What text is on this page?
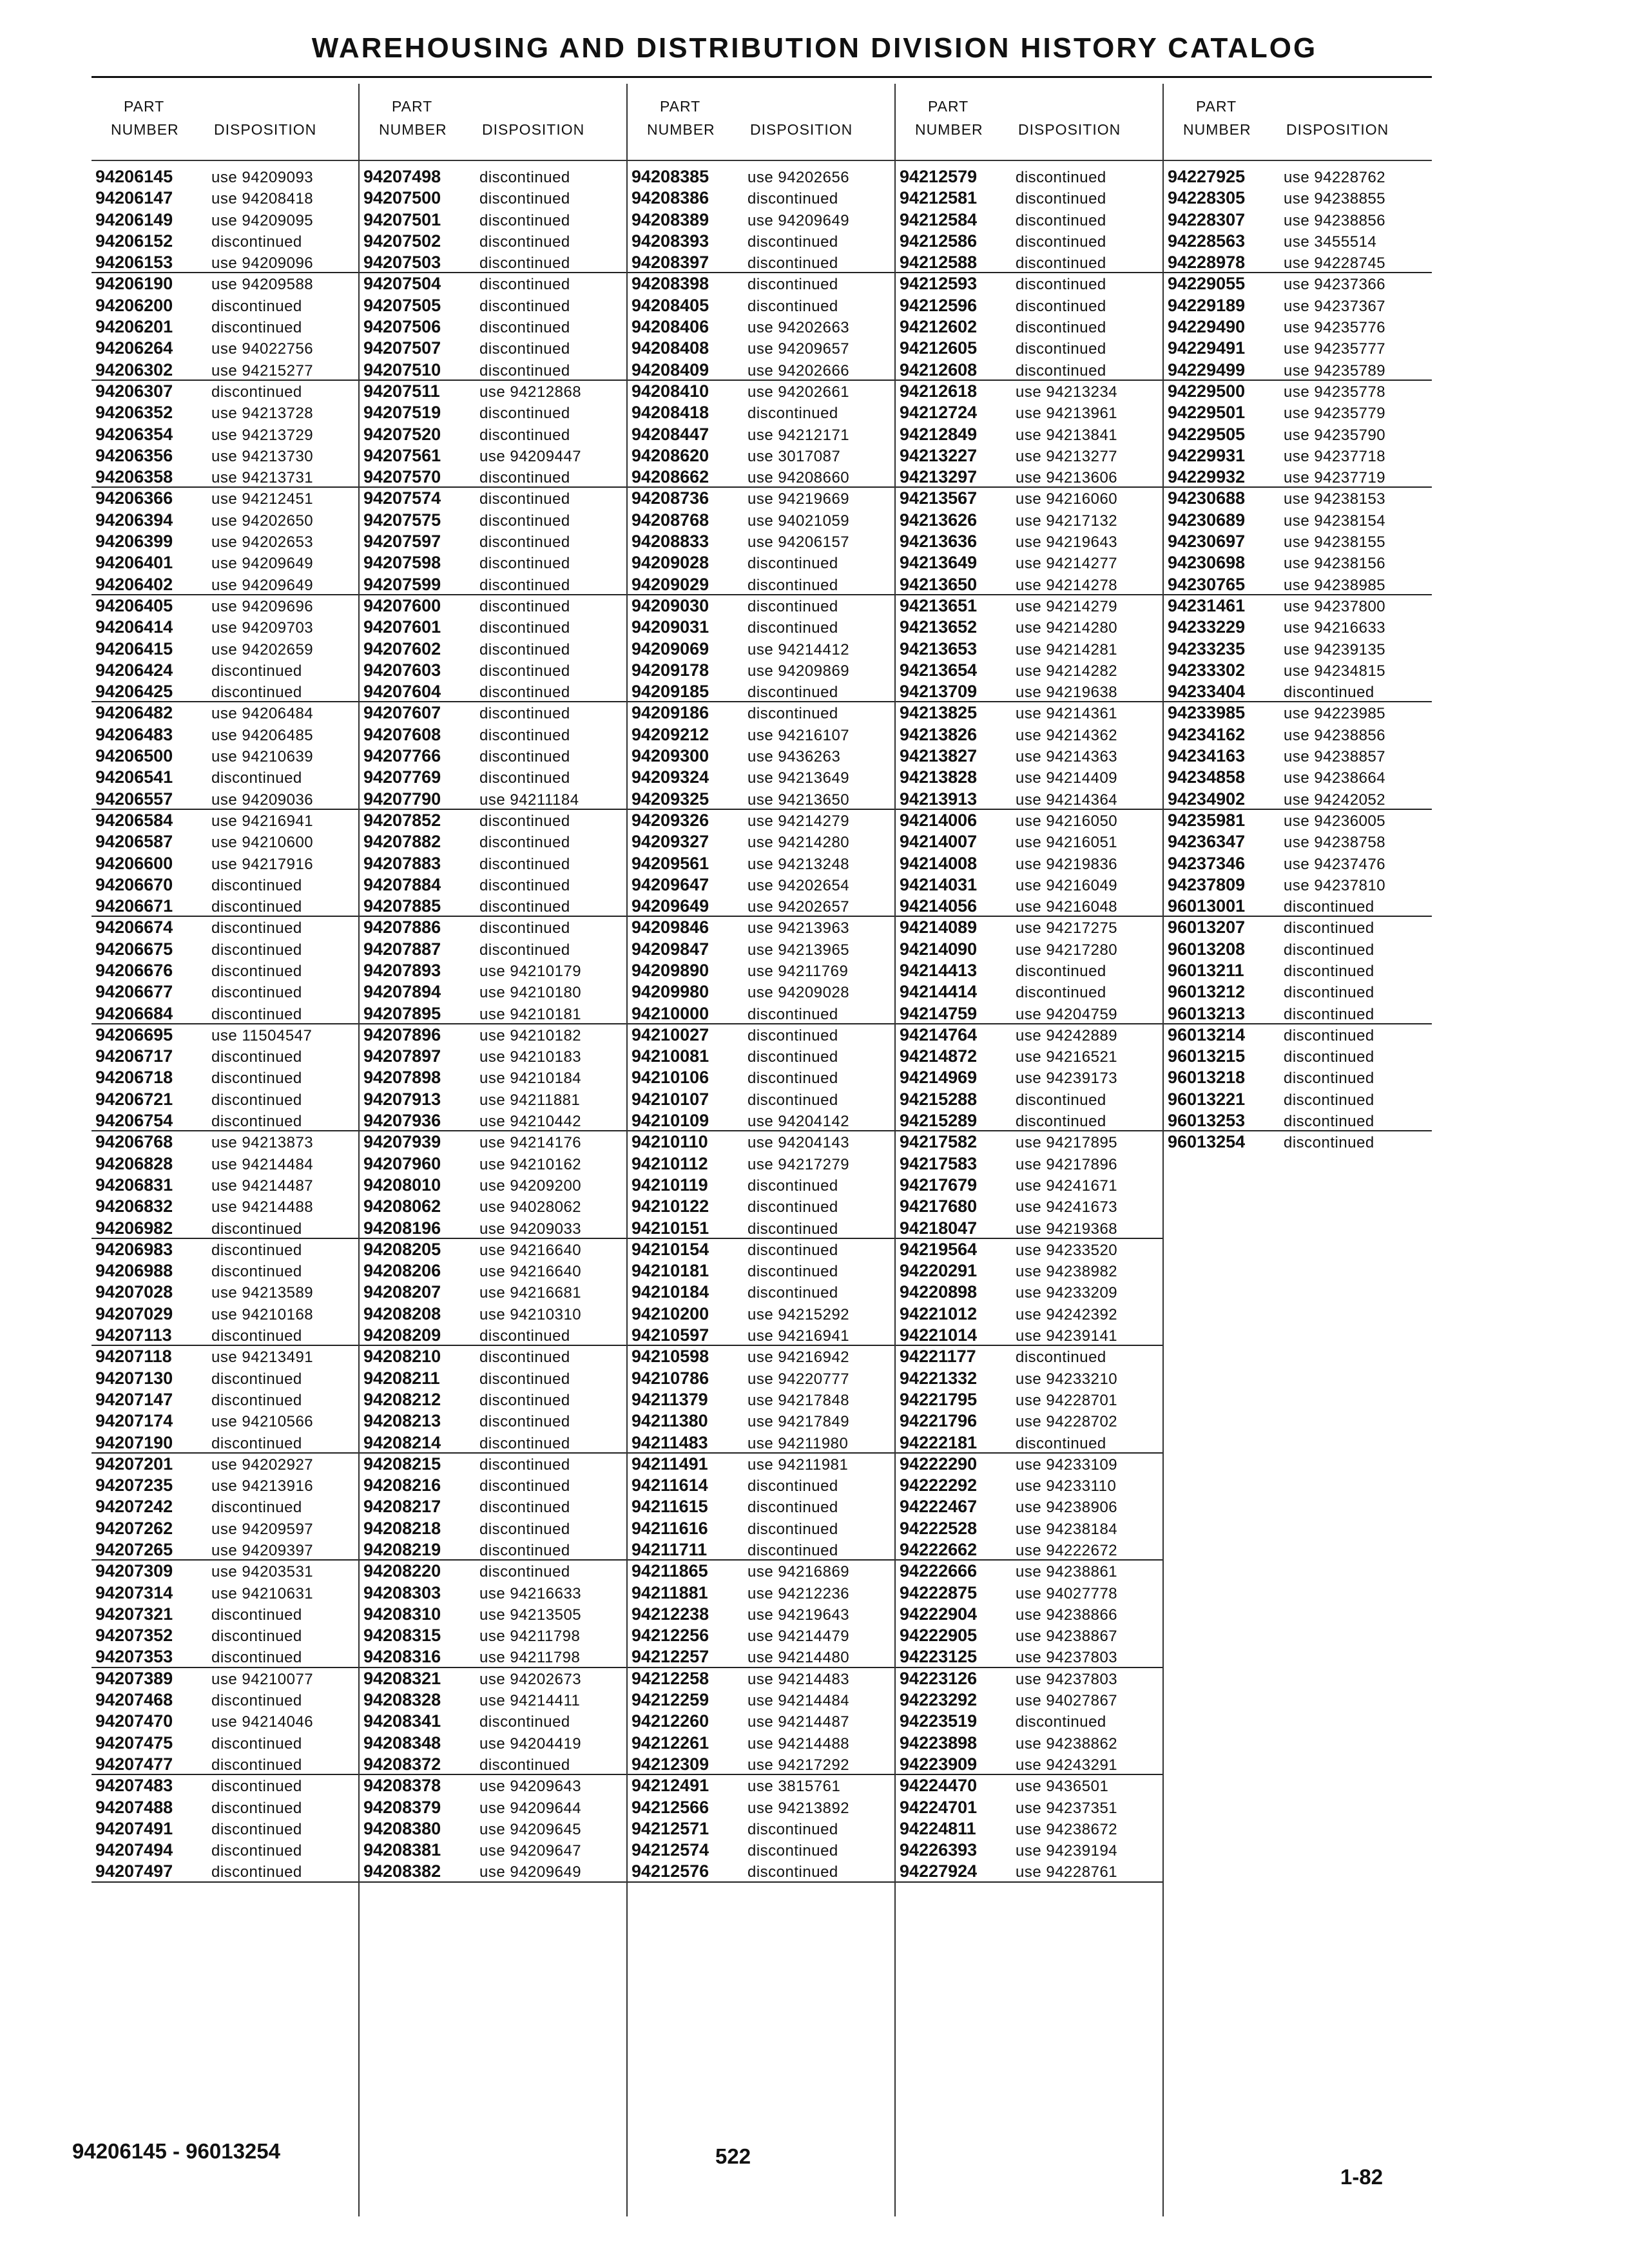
WAREHOUSING AND DISTRIBUTION DIVISION HISTORY CATALOG
PART
NUMBER DISPOSITION
94206145 use 94209093
94206147 use 94208418
94206149 use 94209095
94206152 discontinued
94206153 use 94209096
94206190 use 94209588
94206200 discontinued
94206201 discontinued
94206264 use 94022756
94206302 use 94215277
94206307 discontinued
94206352 use 94213728
94206354 use 94213729
94206356 use 94213730
94206358 use 94213731
94206366 use 94212451
94206394 use 94202650
94206399 use 94202653
94206401 use 94209649
94206402 use 94209649
94206405 use 94209696
94206414 use 94209703
94206415 use 94202659
94206424 discontinued
94206425 discontinued
94206482 use 94206484
94206483 use 94206485
94206500 use 94210639
94206541 discontinued
94206557 use 94209036
94206584 use 94216941
94206587 use 94210600
94206600 use 94217916
94206670 discontinued
94206671 discontinued
94206674 discontinued
94206675 discontinued
94206676 discontinued
94206677 discontinued
94206684 discontinued
94206695 use 11504547
94206717 discontinued
94206718 discontinued
94206721 discontinued
94206754 discontinued
94206768 use 94213873
94206828 use 94214484
94206831 use 94214487
94206832 use 94214488
94206982 discontinued
94206983 discontinued
94206988 discontinued
94207028 use 94213589
94207029 use 94210168
94207113	discontinued
94207118	use 94213491
94207130 discontinued
94207147 discontinued
94207174 use 94210566
94207190 discontinued
94207201 use 94202927
94207235 use 94213916
94207242 discontinued
94207262 use 94209597
94207265 use 94209397
94207309 use 94203531
94207314 use 94210631
94207321 discontinued
94207352 discontinued
94207353 discontinued
94207389 use 94210077
94207468 discontinued
94207470 use 94214046
94207475 discontinued
94207477 discontinued
94207483 discontinued
94207488 discontinued
94207491 discontinued
94207494 discontinued
94207497 discontinued
PART
NUMBER DISPOSITION
94207498 discontinued
94207500 discontinued
94207501 discontinued
94207502 discontinued
94207503 discontinued
94207504 discontinued
94207505 discontinued
94207506 discontinued
94207507 discontinued
94207510 discontinued
94207511	use 94212868
94207519 discontinued
94207520 discontinued
94207561 use 94209447
94207570 discontinued
94207574 discontinued
94207575 discontinued
94207597 discontinued
94207598 discontinued
94207599 discontinued
94207600 discontinued
94207601 discontinued
94207602 discontinued
94207603 discontinued
94207604 discontinued
94207607 discontinued
94207608 discontinued
94207766 discontinued
94207769 discontinued
94207790 use 94211184
94207852 discontinued
94207882 discontinued
94207883 discontinued
94207884 discontinued
94207885 discontinued
94207886 discontinued
94207887 discontinued
94207893 use 94210179
94207894 use 94210180
94207895 use 94210181
94207896 use 94210182
94207897 use 94210183
94207898 use 94210184
94207913 use 94211881
94207936 use 94210442
94207939 use 94214176
94207960 use 94210162
94208010 use 94209200
94208062 use 94028062
94208196 use 94209033
94208205 use 94216640
94208206 use 94216640
94208207 use 94216681
94208208 use 94210310
94208209 discontinued
94208210 discontinued
94208211	discontinued
94208212 discontinued
94208213 discontinued
94208214 discontinued
94208215 discontinued
94208216 discontinued
94208217 discontinued
94208218 discontinued
94208219 discontinued
94208220 discontinued
94208303 use 94216633
94208310 use 94213505
94208315 use 94211798
94208316 use 94211798
94208321 use 94202673
94208328 use 94214411
94208341 discontinued
94208348 use 94204419
94208372 discontinued
94208378 use 94209643
94208379 use 94209644
94208380 use 94209645
94208381 use 94209647
94208382 use 94209649
PART
NUMBER DISPOSITION
94208385 use 94202656
94208386 discontinued
94208389 use 94209649
94208393 discontinued
94208397 discontinued
94208398 discontinued
94208405 discontinued
94208406 use 94202663
94208408 use 94209657
94208409 use 94202666
94208410 use 94202661
94208418 discontinued
94208447 use 94212171
94208620 use 3017087
94208662 use 94208660
94208736 use 94219669
94208768 use 94021059
94208833 use 94206157
94209028 discontinued
94209029 discontinued
94209030 discontinued
94209031 discontinued
94209069 use 94214412
94209178 use 94209869
94209185 discontinued
94209186 discontinued
94209212 use 94216107
94209300 use 9436263
94209324 use 94213649
94209325 use 94213650
94209326 use 94214279
94209327 use 94214280
94209561 use 94213248
94209647 use 94202654
94209649 use 94202657
94209846 use 94213963
94209847 use 94213965
94209890 use 94211769
94209980 use 94209028
94210000 discontinued
94210027 discontinued
94210081 discontinued
94210106 discontinued
94210107 discontinued
94210109 use 94204142
94210110	use 94204143
94210112	use 94217279
94210119	discontinued
94210122 discontinued
94210151 discontinued
94210154 discontinued
94210181 discontinued
94210184 discontinued
94210200 use 94215292
94210597 use 94216941
94210598 use 94216942
94210786 use 94220777
94211379	use 94217848
94211380	use 94217849
94211483	use 94211980
94211491	use 94211981
94211614	discontinued
94211615	discontinued
94211616	discontinued
94211711	discontinued
94211865	use 94216869
94211881	use 94212236
94212238 use 94219643
94212256 use 94214479
94212257 use 94214480
94212258 use 94214483
94212259 use 94214484
94212260 use 94214487
94212261 use 94214488
94212309 use 94217292
94212491 use 3815761
94212566 use 94213892
94212571 discontinued
94212574 discontinued
94212576 discontinued
PART
NUMBER DISPOSITION
94212579 discontinued
94212581 discontinued
94212584 discontinued
94212586 discontinued
94212588 discontinued
94212593 discontinued
94212596 discontinued
94212602 discontinued
94212605 discontinued
94212608 discontinued
94212618 use 94213234
94212724 use 94213961
94212849 use 94213841
94213227 use 94213277
94213297 use 94213606
94213567 use 94216060
94213626 use 94217132
94213636 use 94219643
94213649 use 94214277
94213650 use 94214278
94213651 use 94214279
94213652 use 94214280
94213653 use 94214281
94213654 use 94214282
94213709 use 94219638
94213825 use 94214361
94213826 use 94214362
94213827 use 94214363
94213828 use 94214409
94213913 use 94214364
94214006 use 94216050
94214007 use 94216051
94214008 use 94219836
94214031 use 94216049
94214056 use 94216048
94214089 use 94217275
94214090 use 94217280
94214413 discontinued
94214414 discontinued
94214759 use 94204759
94214764 use 94242889
94214872 use 94216521
94214969 use 94239173
94215288 discontinued
94215289 discontinued
94217582 use 94217895
94217583 use 94217896
94217679 use 94241671
94217680 use 94241673
94218047 use 94219368
94219564 use 94233520
94220291 use 94238982
94220898 use 94233209
94221012 use 94242392
94221014 use 94239141
94221177	discontinued
94221332 use 94233210
94221795 use 94228701
94221796 use 94228702
94222181 discontinued
94222290 use 94233109
94222292 use 94233110
94222467 use 94238906
94222528 use 94238184
94222662 use 94222672
94222666 use 94238861
94222875 use 94027778
94222904 use 94238866
94222905 use 94238867
94223125 use 94237803
94223126 use 94237803
94223292 use 94027867
94223519 discontinued
94223898 use 94238862
94223909 use 94243291
94224470 use 9436501
94224701 use 94237351
94224811	use 94238672
94226393 use 94239194
94227924 use 94228761
PART
NUMBER DISPOSITION
94227925 use 94228762
94228305 use 94238855
94228307 use 94238856
94228563 use 3455514
94228978 use 94228745
94229055 use 94237366
94229189 use 94237367
94229490 use 94235776
94229491 use 94235777
94229499 use 94235789
94229500 use 94235778
94229501 use 94235779
94229505 use 94235790
94229931 use 94237718
94229932 use 94237719
94230688 use 94238153
94230689 use 94238154
94230697 use 94238155
94230698 use 94238156
94230765 use 94238985
94231461 use 94237800
94233229 use 94216633
94233235 use 94239135
94233302 use 94234815
94233404 discontinued
94233985 use 94223985
94234162 use 94238856
94234163 use 94238857
94234858 use 94238664
94234902 use 94242052
94235981 use 94236005
94236347 use 94238758
94237346 use 94237476
94237809 use 94237810
96013001 discontinued
96013207 discontinued
96013208 discontinued
96013211	discontinued
96013212 discontinued
96013213 discontinued
96013214 discontinued
96013215 discontinued
96013218 discontinued
96013221 discontinued
96013253 discontinued
96013254 discontinued
94206145 - 96013254	522
1-82
